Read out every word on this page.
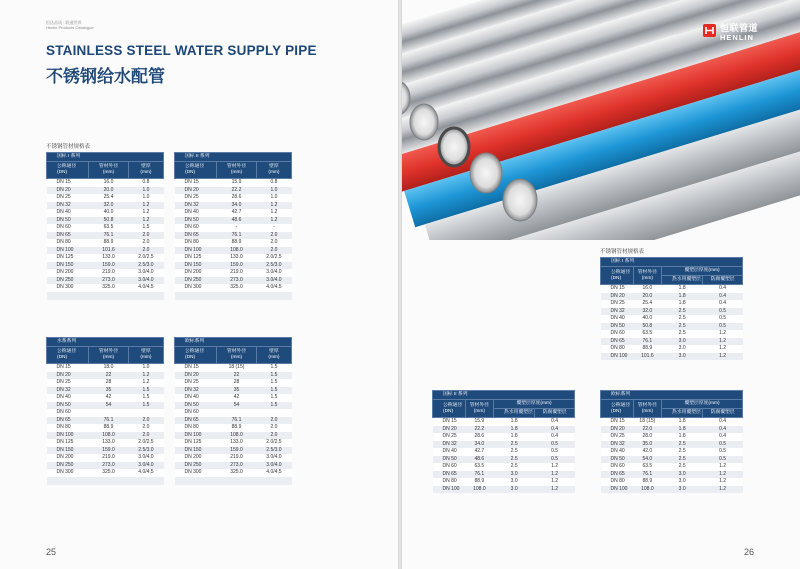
恒达品质 · 联通世界
Henlin Products Catalogue
STAINLESS STEEL WATER SUPPLY PIPE
不锈钢给水配管
不锈钢管材规格表
国标 I 系列		
公称通径
(DN)	管材外径
(mm)	壁厚
(mm)
DN 15	16.0	0.8
DN 20	20.0	1.0
DN 25	25.4	1.0
DN 32	32.0	1.2
DN 40	40.0	1.2
DN 50	50.8	1.2
DN 60	63.5	1.5
DN 65	76.1	2.0
DN 80	88.9	2.0
DN 100	101.6	2.0
DN 125	133.0	2.0/2.5
DN 150	159.0	2.5/3.0
DN 200	219.0	3.0/4.0
DN 250	273.0	3.0/4.0
DN 300	325.0	4.0/4.5

国标 II 系列		
公称通径
(DN)	管材外径
(mm)	壁厚
(mm)
DN 15	15.9	0.8
DN 20	22.2	1.0
DN 25	28.6	1.0
DN 32	34.0	1.2
DN 40	42.7	1.2
DN 50	48.6	1.2
DN 60	-	-
DN 65	76.1	2.0
DN 80	88.9	2.0
DN 100	108.0	2.0
DN 125	133.0	2.0/2.5
DN 150	159.0	2.5/3.0
DN 200	219.0	3.0/4.0
DN 250	273.0	3.0/4.0
DN 300	325.0	4.0/4.5

水系系列		
公称通径
(DN)	管材外径
(mm)	壁厚
(mm)
DN 15	18.0	1.0
DN 20	22	1.2
DN 25	28	1.2
DN 32	35	1.5
DN 40	42	1.5
DN 50	54	1.5
DN 60		
DN 65	76.1	2.0
DN 80	88.9	2.0
DN 100	108.0	2.0
DN 125	133.0	2.0/2.5
DN 150	159.0	2.5/3.0
DN 200	219.0	3.0/4.0
DN 250	273.0	3.0/4.0
DN 300	325.0	4.0/4.5

欧标系列		
公称通径
(DN)	管材外径
(mm)	壁厚
(mm)
DN 15	18 (15)	1.5
DN 20	22	1.5
DN 25	28	1.5
DN 32	35	1.5
DN 40	42	1.5
DN 50	54	1.5
DN 60		
DN 65	76.1	2.0
DN 80	88.9	2.0
DN 100	108.0	2.0
DN 125	133.0	2.0/2.5
DN 150	159.0	2.5/3.0
DN 200	219.0	3.0/4.0
DN 250	273.0	3.0/4.0
DN 300	325.0	4.0/4.5

25
恒联管道
HENLIN
不锈钢管材规格表
国标 I 系列			
公称通径
(DN)	管材外径
(mm)	覆塑层厚度(mm)	
		热水用覆塑层	防腐覆塑层
DN 15	16.0	1.8	0.4
DN 20	20.0	1.8	0.4
DN 25	25.4	1.8	0.4
DN 32	32.0	2.5	0.5
DN 40	40.0	2.5	0.5
DN 50	50.8	2.5	0.5
DN 60	63.5	2.5	1.2
DN 65	76.1	3.0	1.2
DN 80	88.9	3.0	1.2
DN 100	101.6	3.0	1.2
国标 II 系列			
公称通径
(DN)	管材外径
(mm)	覆塑层厚度(mm)	
		热水用覆塑层	防腐覆塑层
DN 15	15.9	1.8	0.4
DN 20	22.2	1.8	0.4
DN 25	28.6	1.8	0.4
DN 32	34.0	2.5	0.5
DN 40	42.7	2.5	0.5
DN 50	48.6	2.5	0.5
DN 60	63.5	2.5	1.2
DN 65	76.1	3.0	1.2
DN 80	88.9	3.0	1.2
DN 100	108.0	3.0	1.2
欧标系列			
公称通径
(DN)	管材外径
(mm)	覆塑层厚度(mm)	
		热水用覆塑层	防腐覆塑层
DN 15	18 (15)	1.8	0.4
DN 20	22.0	1.8	0.4
DN 25	28.0	1.8	0.4
DN 32	35.0	2.5	0.5
DN 40	42.0	2.5	0.5
DN 50	54.0	2.5	0.5
DN 60	63.5	2.5	1.2
DN 65	76.1	3.0	1.2
DN 80	88.9	3.0	1.2
DN 100	108.0	3.0	1.2
26
